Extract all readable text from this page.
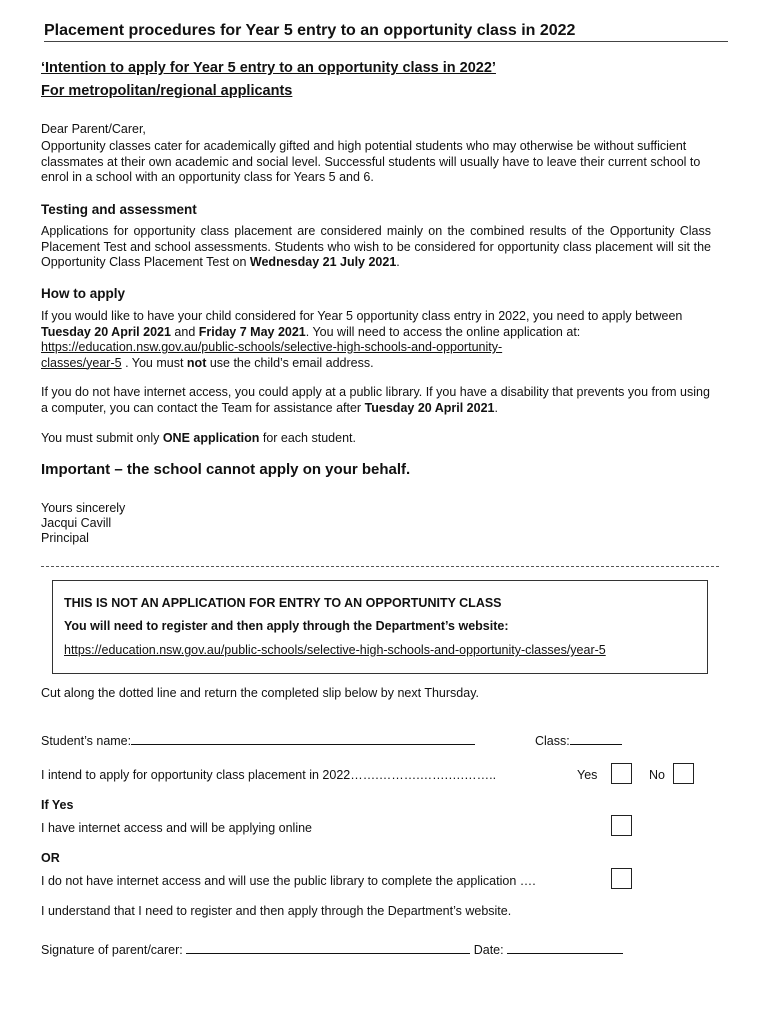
Placement procedures for Year 5 entry to an opportunity class in 2022
‘Intention to apply for Year 5 entry to an opportunity class in 2022’
For metropolitan/regional applicants
Dear Parent/Carer,
Opportunity classes cater for academically gifted and high potential students who may otherwise be without sufficient classmates at their own academic and social level. Successful students will usually have to leave their current school to enrol in a school with an opportunity class for Years 5 and 6.
Testing and assessment
Applications for opportunity class placement are considered mainly on the combined results of the Opportunity Class Placement Test and school assessments. Students who wish to be considered for opportunity class placement will sit the Opportunity Class Placement Test on Wednesday 21 July 2021.
How to apply
If you would like to have your child considered for Year 5 opportunity class entry in 2022, you need to apply between Tuesday 20 April 2021 and Friday 7 May 2021. You will need to access the online application at: https://education.nsw.gov.au/public-schools/selective-high-schools-and-opportunity-
classes/year-5 . You must not use the child’s email address.
If you do not have internet access, you could apply at a public library. If you have a disability that prevents you from using a computer, you can contact the Team for assistance after Tuesday 20 April 2021.
You must submit only ONE application for each student.
Important – the school cannot apply on your behalf.
Yours sincerely
Jacqui Cavill
Principal
THIS IS NOT AN APPLICATION FOR ENTRY TO AN OPPORTUNITY CLASS
You will need to register and then apply through the Department’s website:
https://education.nsw.gov.au/public-schools/selective-high-schools-and-opportunity-classes/year-5
Cut along the dotted line and return the completed slip below by next Thursday.
Student’s name:	Class:
I intend to apply for opportunity class placement in 2022…….……….…….….……..	Yes	No
If Yes
I have internet access and will be applying online
OR
I do not have internet access and will use the public library to complete the application ….
I understand that I need to register and then apply through the Department’s website.
Signature of parent/carer:	Date:
